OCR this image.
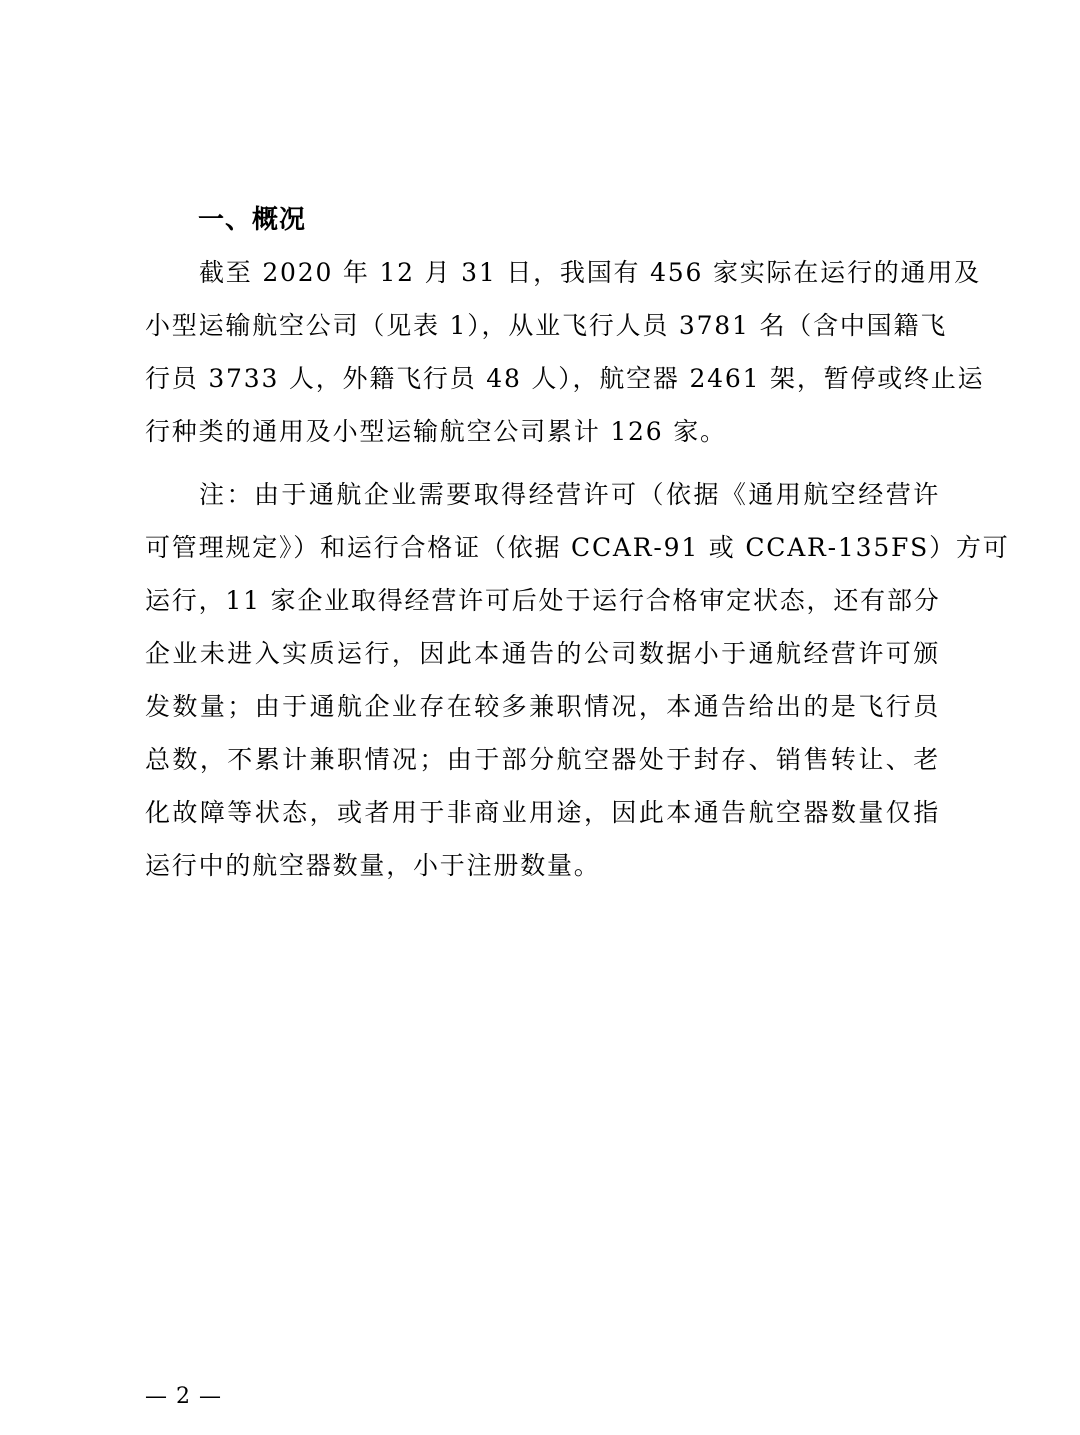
一、概况
截至 2020 年 12 月 31 日，我国有 456 家实际在运行的通用及
小型运输航空公司（见表 1），从业飞行人员 3781 名（含中国籍飞
行员 3733 人，外籍飞行员 48 人），航空器 2461 架，暂停或终止运
行种类的通用及小型运输航空公司累计 126 家。
注：由于通航企业需要取得经营许可（依据《通用航空经营许
可管理规定》）和运行合格证（依据 CCAR-91 或 CCAR-135FS）方可
运行，11 家企业取得经营许可后处于运行合格审定状态，还有部分
企业未进入实质运行，因此本通告的公司数据小于通航经营许可颁
发数量；由于通航企业存在较多兼职情况，本通告给出的是飞行员
总数，不累计兼职情况；由于部分航空器处于封存、销售转让、老
化故障等状态，或者用于非商业用途，因此本通告航空器数量仅指
运行中的航空器数量，小于注册数量。
— 2 —
